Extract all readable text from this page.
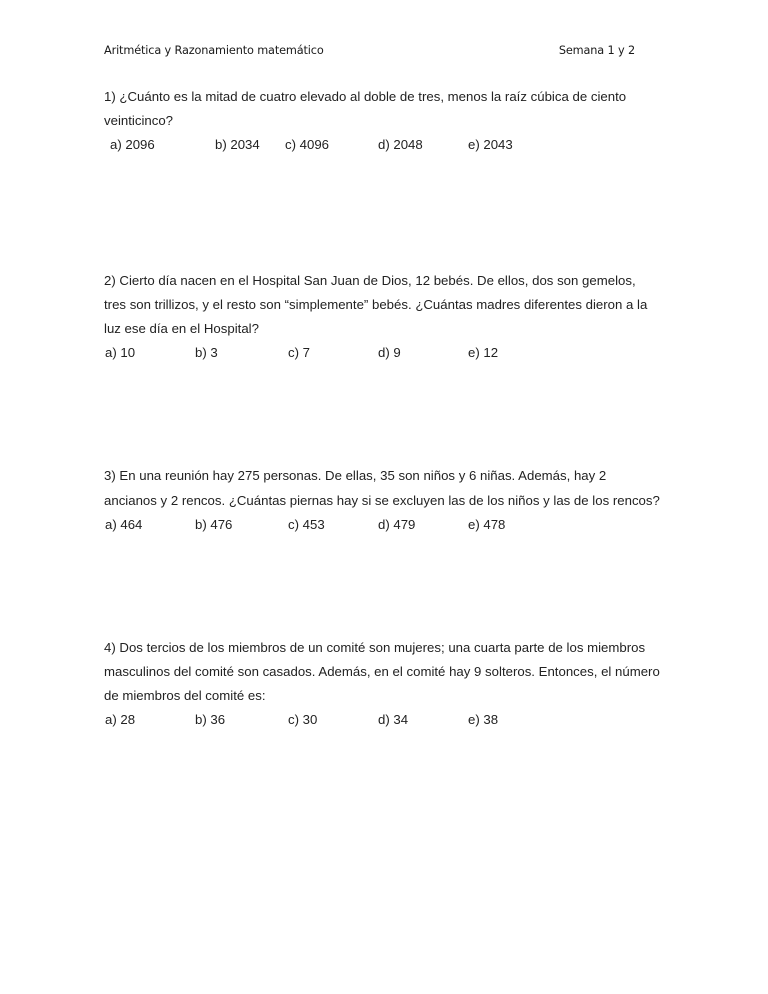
Aritmética y Razonamiento matemático	Semana 1 y 2

1) ¿Cuánto es la mitad de cuatro elevado al doble de tres, menos la raíz cúbica de ciento veinticinco?

a) 2096	b) 2034 c) 4096	d) 2048	e) 2043

2) Cierto día nacen en el Hospital San Juan de Dios, 12 bebés. De ellos, dos son gemelos, tres son trillizos, y el resto son “simplemente” bebés. ¿Cuántas madres diferentes dieron a la luz ese día en el Hospital?

a) 10	b) 3	c) 7	d) 9	e) 12

3) En una reunión hay 275 personas. De ellas, 35 son niños y 6 niñas. Además, hay 2 ancianos y 2 rencos. ¿Cuántas piernas hay si se excluyen las de los niños y las de los rencos?

a) 464	b) 476	c) 453	d) 479	e) 478

4) Dos tercios de los miembros de un comité son mujeres; una cuarta parte de los miembros masculinos del comité son casados. Además, en el comité hay 9 solteros. Entonces, el número de miembros del comité es:

a) 28	b) 36	c) 30	d) 34	e) 38
